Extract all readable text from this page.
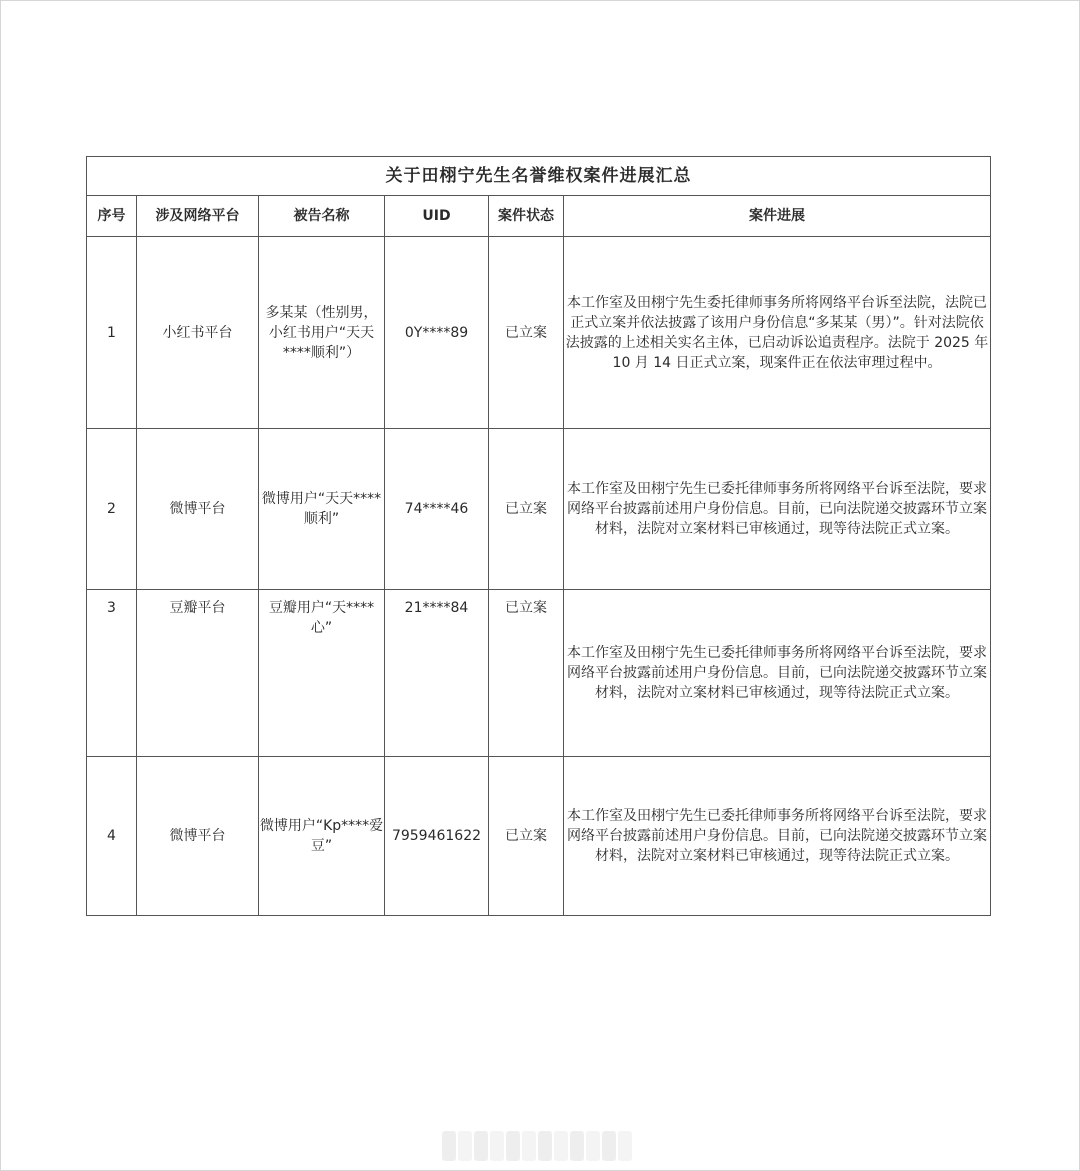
关于田栩宁先生名誉维权案件进展汇总					
序号	涉及网络平台	被告名称	UID	案件状态	案件进展
1	小红书平台	多某某（性别男，小红书用户“天天****顺利”）	0Y****89	已立案	本工作室及田栩宁先生委托律师事务所将网络平台诉至法院，法院已正式立案并依法披露了该用户身份信息“多某某（男）”。针对法院依法披露的上述相关实名主体，已启动诉讼追责程序。法院于 2025 年 10 月 14 日正式立案，现案件正在依法审理过程中。
2	微博平台	微博用户“天天****顺利”	74****46	已立案	本工作室及田栩宁先生已委托律师事务所将网络平台诉至法院，要求网络平台披露前述用户身份信息。目前，已向法院递交披露环节立案材料，法院对立案材料已审核通过，现等待法院正式立案。
3	豆瓣平台	豆瓣用户“天****心”	21****84	已立案	本工作室及田栩宁先生已委托律师事务所将网络平台诉至法院，要求网络平台披露前述用户身份信息。目前，已向法院递交披露环节立案材料，法院对立案材料已审核通过，现等待法院正式立案。
4	微博平台	微博用户“Kp****爱豆”	7959461622	已立案	本工作室及田栩宁先生已委托律师事务所将网络平台诉至法院，要求网络平台披露前述用户身份信息。目前，已向法院递交披露环节立案材料，法院对立案材料已审核通过，现等待法院正式立案。
